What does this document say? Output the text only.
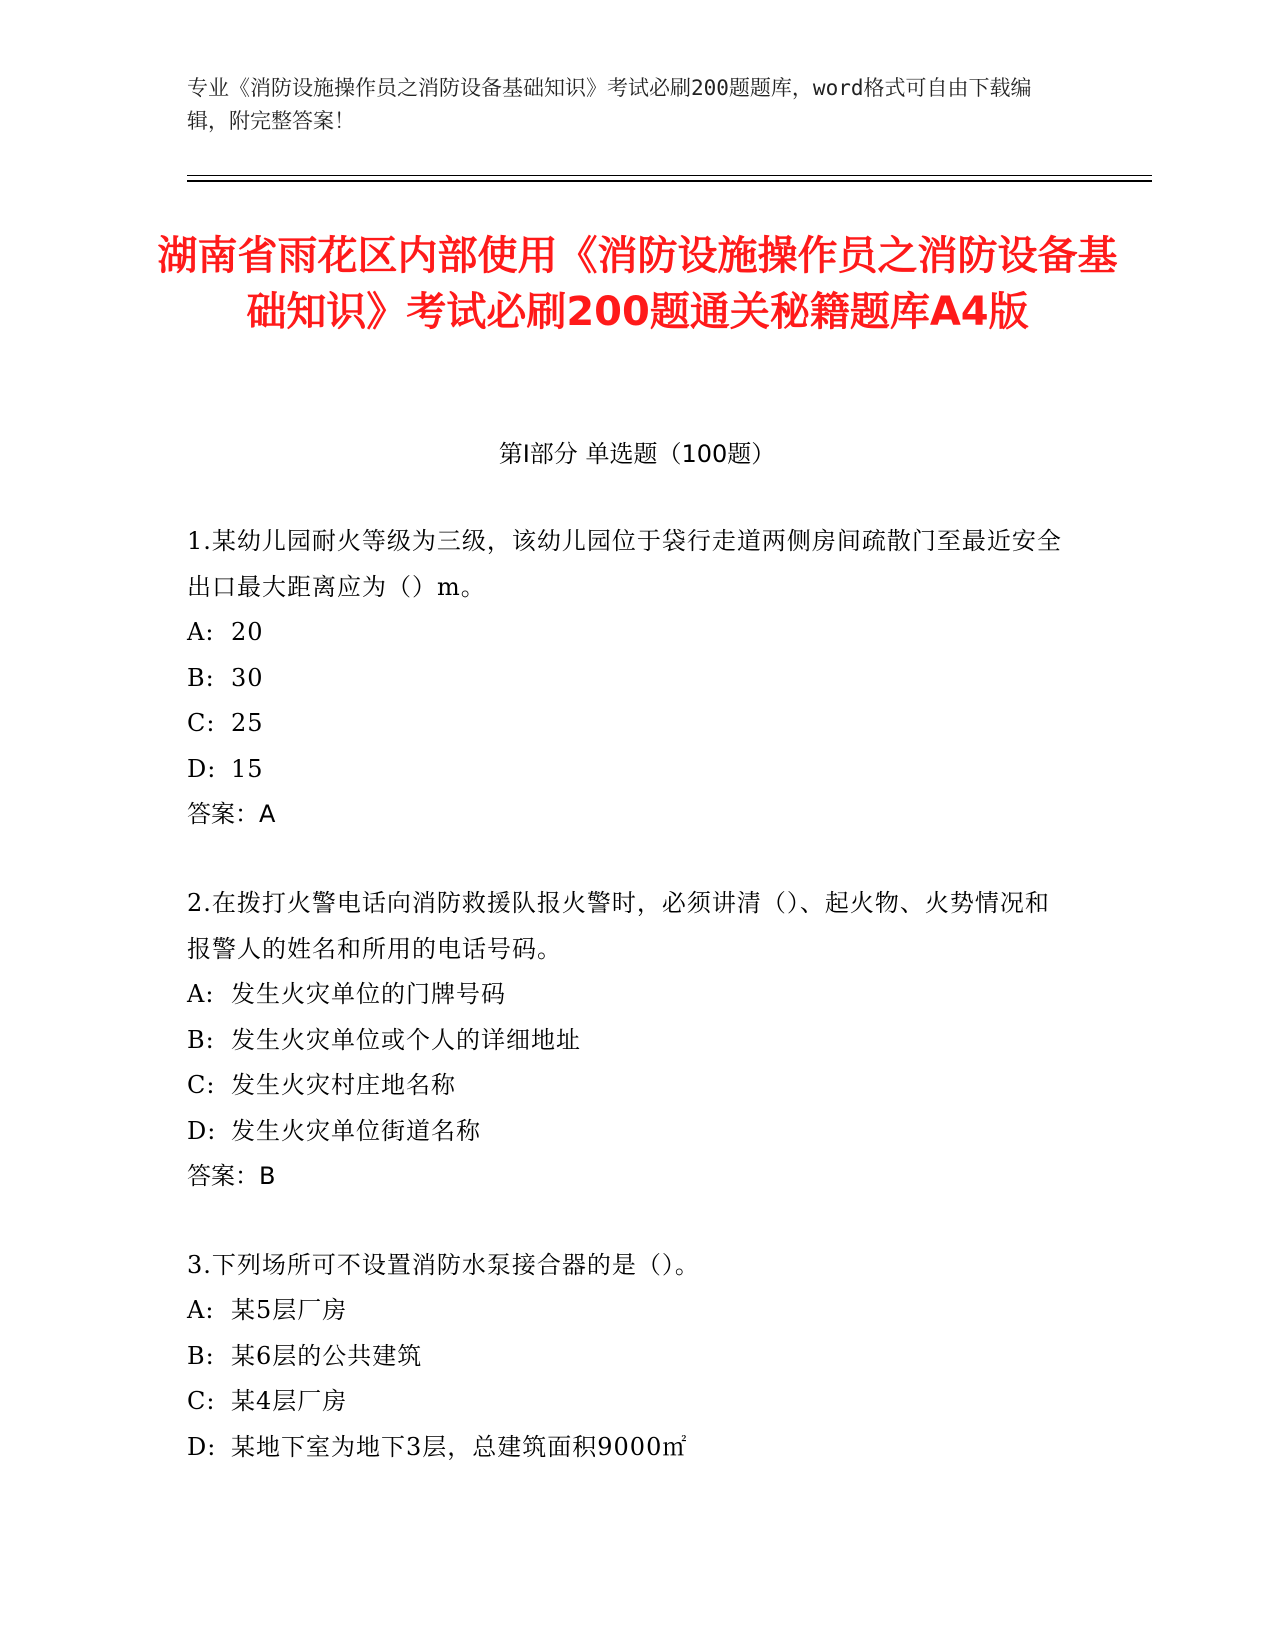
专业《消防设施操作员之消防设备基础知识》考试必刷200题题库，word格式可自由下载编辑，附完整答案！
湖南省雨花区内部使用《消防设施操作员之消防设备基础知识》考试必刷200题通关秘籍题库A4版
第Ⅰ部分 单选题（100题）
1.某幼儿园耐火等级为三级，该幼儿园位于袋行走道两侧房间疏散门至最近安全出口最大距离应为（）m。
A: 20
B: 30
C: 25
D: 15
答案：A
2.在拨打火警电话向消防救援队报火警时，必须讲清（）、起火物、火势情况和报警人的姓名和所用的电话号码。
A: 发生火灾单位的门牌号码
B: 发生火灾单位或个人的详细地址
C: 发生火灾村庄地名称
D: 发生火灾单位街道名称
答案：B
3.下列场所可不设置消防水泵接合器的是（）。
A: 某5层厂房
B: 某6层的公共建筑
C: 某4层厂房
D: 某地下室为地下3层，总建筑面积9000㎡
